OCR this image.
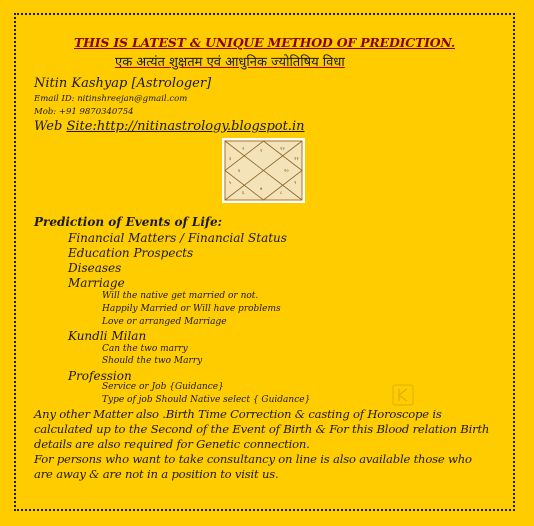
THIS IS LATEST & UNIQUE METHOD OF PREDICTION.
एक अत्यंत शुक्षतम एवं आधुनिक ज्योतिषिय विधा
Nitin Kashyap [Astrologer]
Email ID: nitinshreejan@gmail.com
Mob: +91 9870340754
Web Site:http://nitinastrology.blogspot.in
१
७
४	१०
२	१२
६	८
३	११
५	९
Prediction of Events of Life:
Financial Matters / Financial Status
Education Prospects
Diseases
Marriage
Will the native get married or not.
Happily Married or Will have problems
Love or arranged Marriage
Kundli Milan
Can the two marry
Should the two Marry
Profession
Service or Job {Guidance}
Type of job Should Native select { Guidance}
Any other Matter also .Birth Time Correction & casting of Horoscope is
calculated up to the Second of the Event of Birth & For this Blood relation Birth
details are also required for Genetic connection.
For persons who want to take consultancy on line is also available those who
are away & are not in a position to visit us.
